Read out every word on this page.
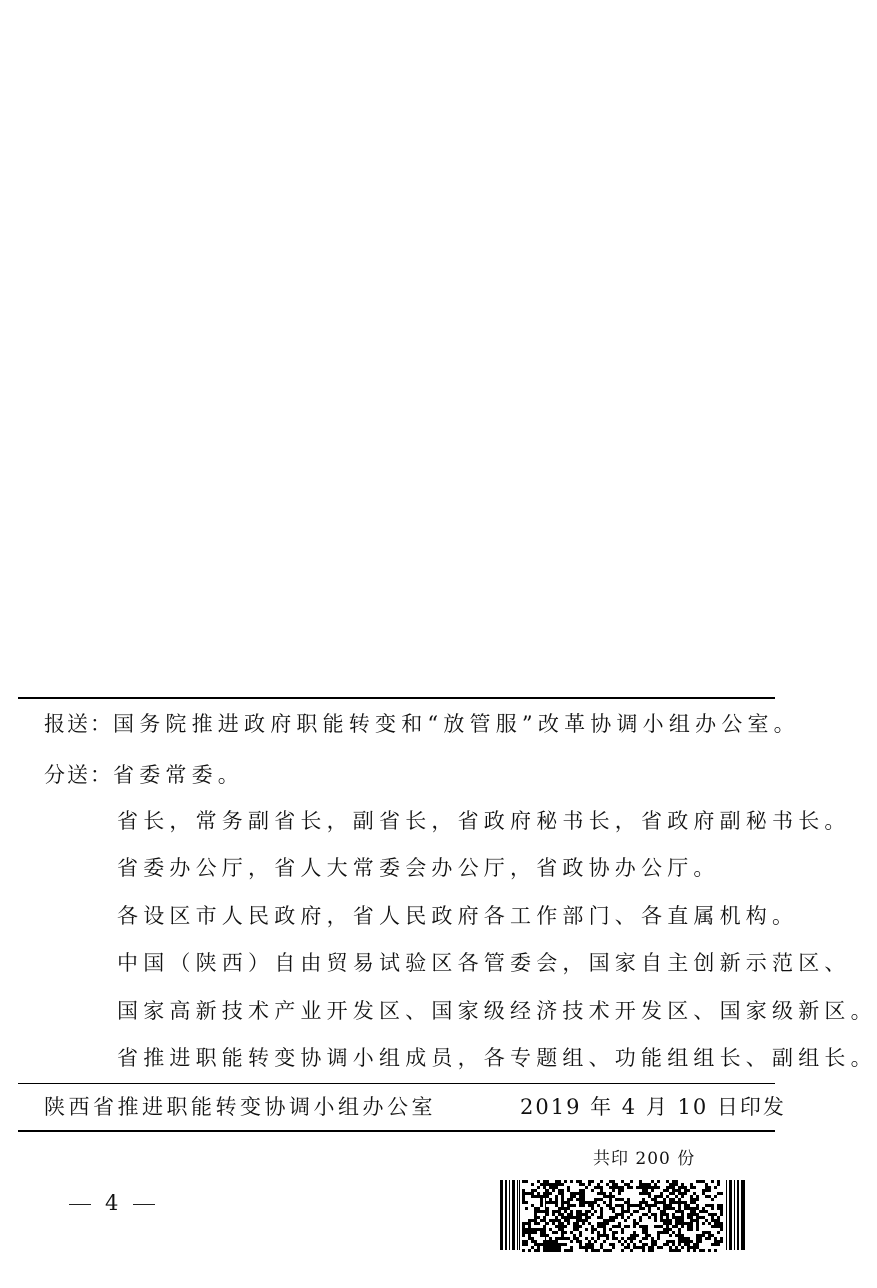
报送：国务院推进政府职能转变和“放管服”改革协调小组办公室。
分送：省委常委。
省长，常务副省长，副省长，省政府秘书长，省政府副秘书长。
省委办公厅，省人大常委会办公厅，省政协办公厅。
各设区市人民政府，省人民政府各工作部门、各直属机构。
中国（陕西）自由贸易试验区各管委会，国家自主创新示范区、
国家高新技术产业开发区、国家级经济技术开发区、国家级新区。
省推进职能转变协调小组成员，各专题组、功能组组长、副组长。
陕西省推进职能转变协调小组办公室	2019 年 4 月 10 日印发
共印 200 份
4
